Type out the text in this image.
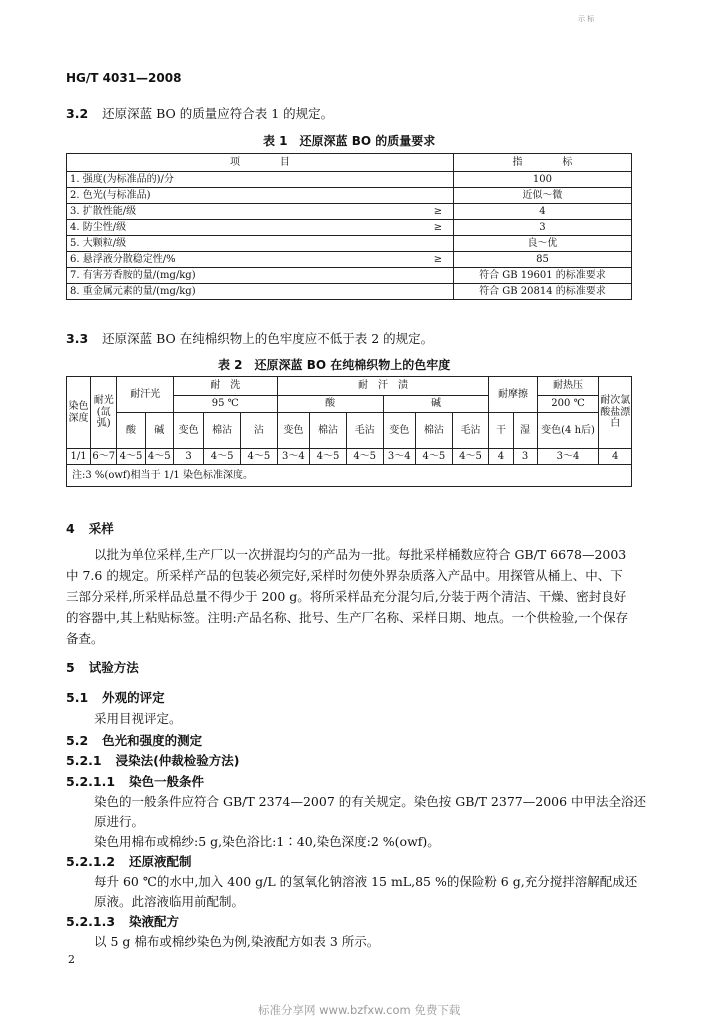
示 标
HG/T 4031—2008
3.2 还原深蓝 BO 的质量应符合表 1 的规定。
表 1　还原深蓝 BO 的质量要求
项　　　　目		指　　　　标
1. 强度(为标准品的)/分		100
2. 色光(与标准品)		近似～微
3. 扩散性能/级	≥	4
4. 防尘性/级	≥	3
5. 大颗粒/级		良～优
6. 悬浮液分散稳定性/%	≥	85
7. 有害芳香胺的量/(mg/kg)		符合 GB 19601 的标准要求
8. 重金属元素的量/(mg/kg)		符合 GB 20814 的标准要求
3.3 还原深蓝 BO 在纯棉织物上的色牢度应不低于表 2 的规定。
表 2　还原深蓝 BO 在纯棉织物上的色牢度
染色深度	耐光(氙弧)	耐汗光		耐　洗			耐　汗　渍						耐摩擦		耐热压	耐次氯酸盐漂白
				95 ℃			酸			碱					200 ℃	
		酸	碱	变色	棉沾	沾	变色	棉沾	毛沾	变色	棉沾	毛沾	干	湿	变色(4 h后)	
1/1	6～7	4～5	4～5	3	4～5	4～5	3～4	4～5	4～5	3～4	4～5	4～5	4	3	3～4	4
注:3 %(owf)相当于 1/1 染色标准深度。																
4 采样
以批为单位采样,生产厂以一次拼混均匀的产品为一批。每批采样桶数应符合 GB/T 6678—2003
中 7.6 的规定。所采样产品的包装必须完好,采样时勿使外界杂质落入产品中。用探管从桶上、中、下
三部分采样,所采样品总量不得少于 200 g。将所采样品充分混匀后,分装于两个清洁、干燥、密封良好
的容器中,其上粘贴标签。注明:产品名称、批号、生产厂名称、采样日期、地点。一个供检验,一个保存
备查。
5 试验方法
5.1 外观的评定
采用目视评定。
5.2 色光和强度的测定
5.2.1 浸染法(仲裁检验方法)
5.2.1.1 染色一般条件
染色的一般条件应符合 GB/T 2374—2007 的有关规定。染色按 GB/T 2377—2006 中甲法全浴还
原进行。
染色用棉布或棉纱:5 g,染色浴比:1∶40,染色深度:2 %(owf)。
5.2.1.2 还原液配制
每升 60 ℃的水中,加入 400 g/L 的氢氧化钠溶液 15 mL,85 %的保险粉 6 g,充分搅拌溶解配成还
原液。此溶液临用前配制。
5.2.1.3 染液配方
以 5 g 棉布或棉纱染色为例,染液配方如表 3 所示。
2
标准分享网 www.bzfxw.com 免费下载
